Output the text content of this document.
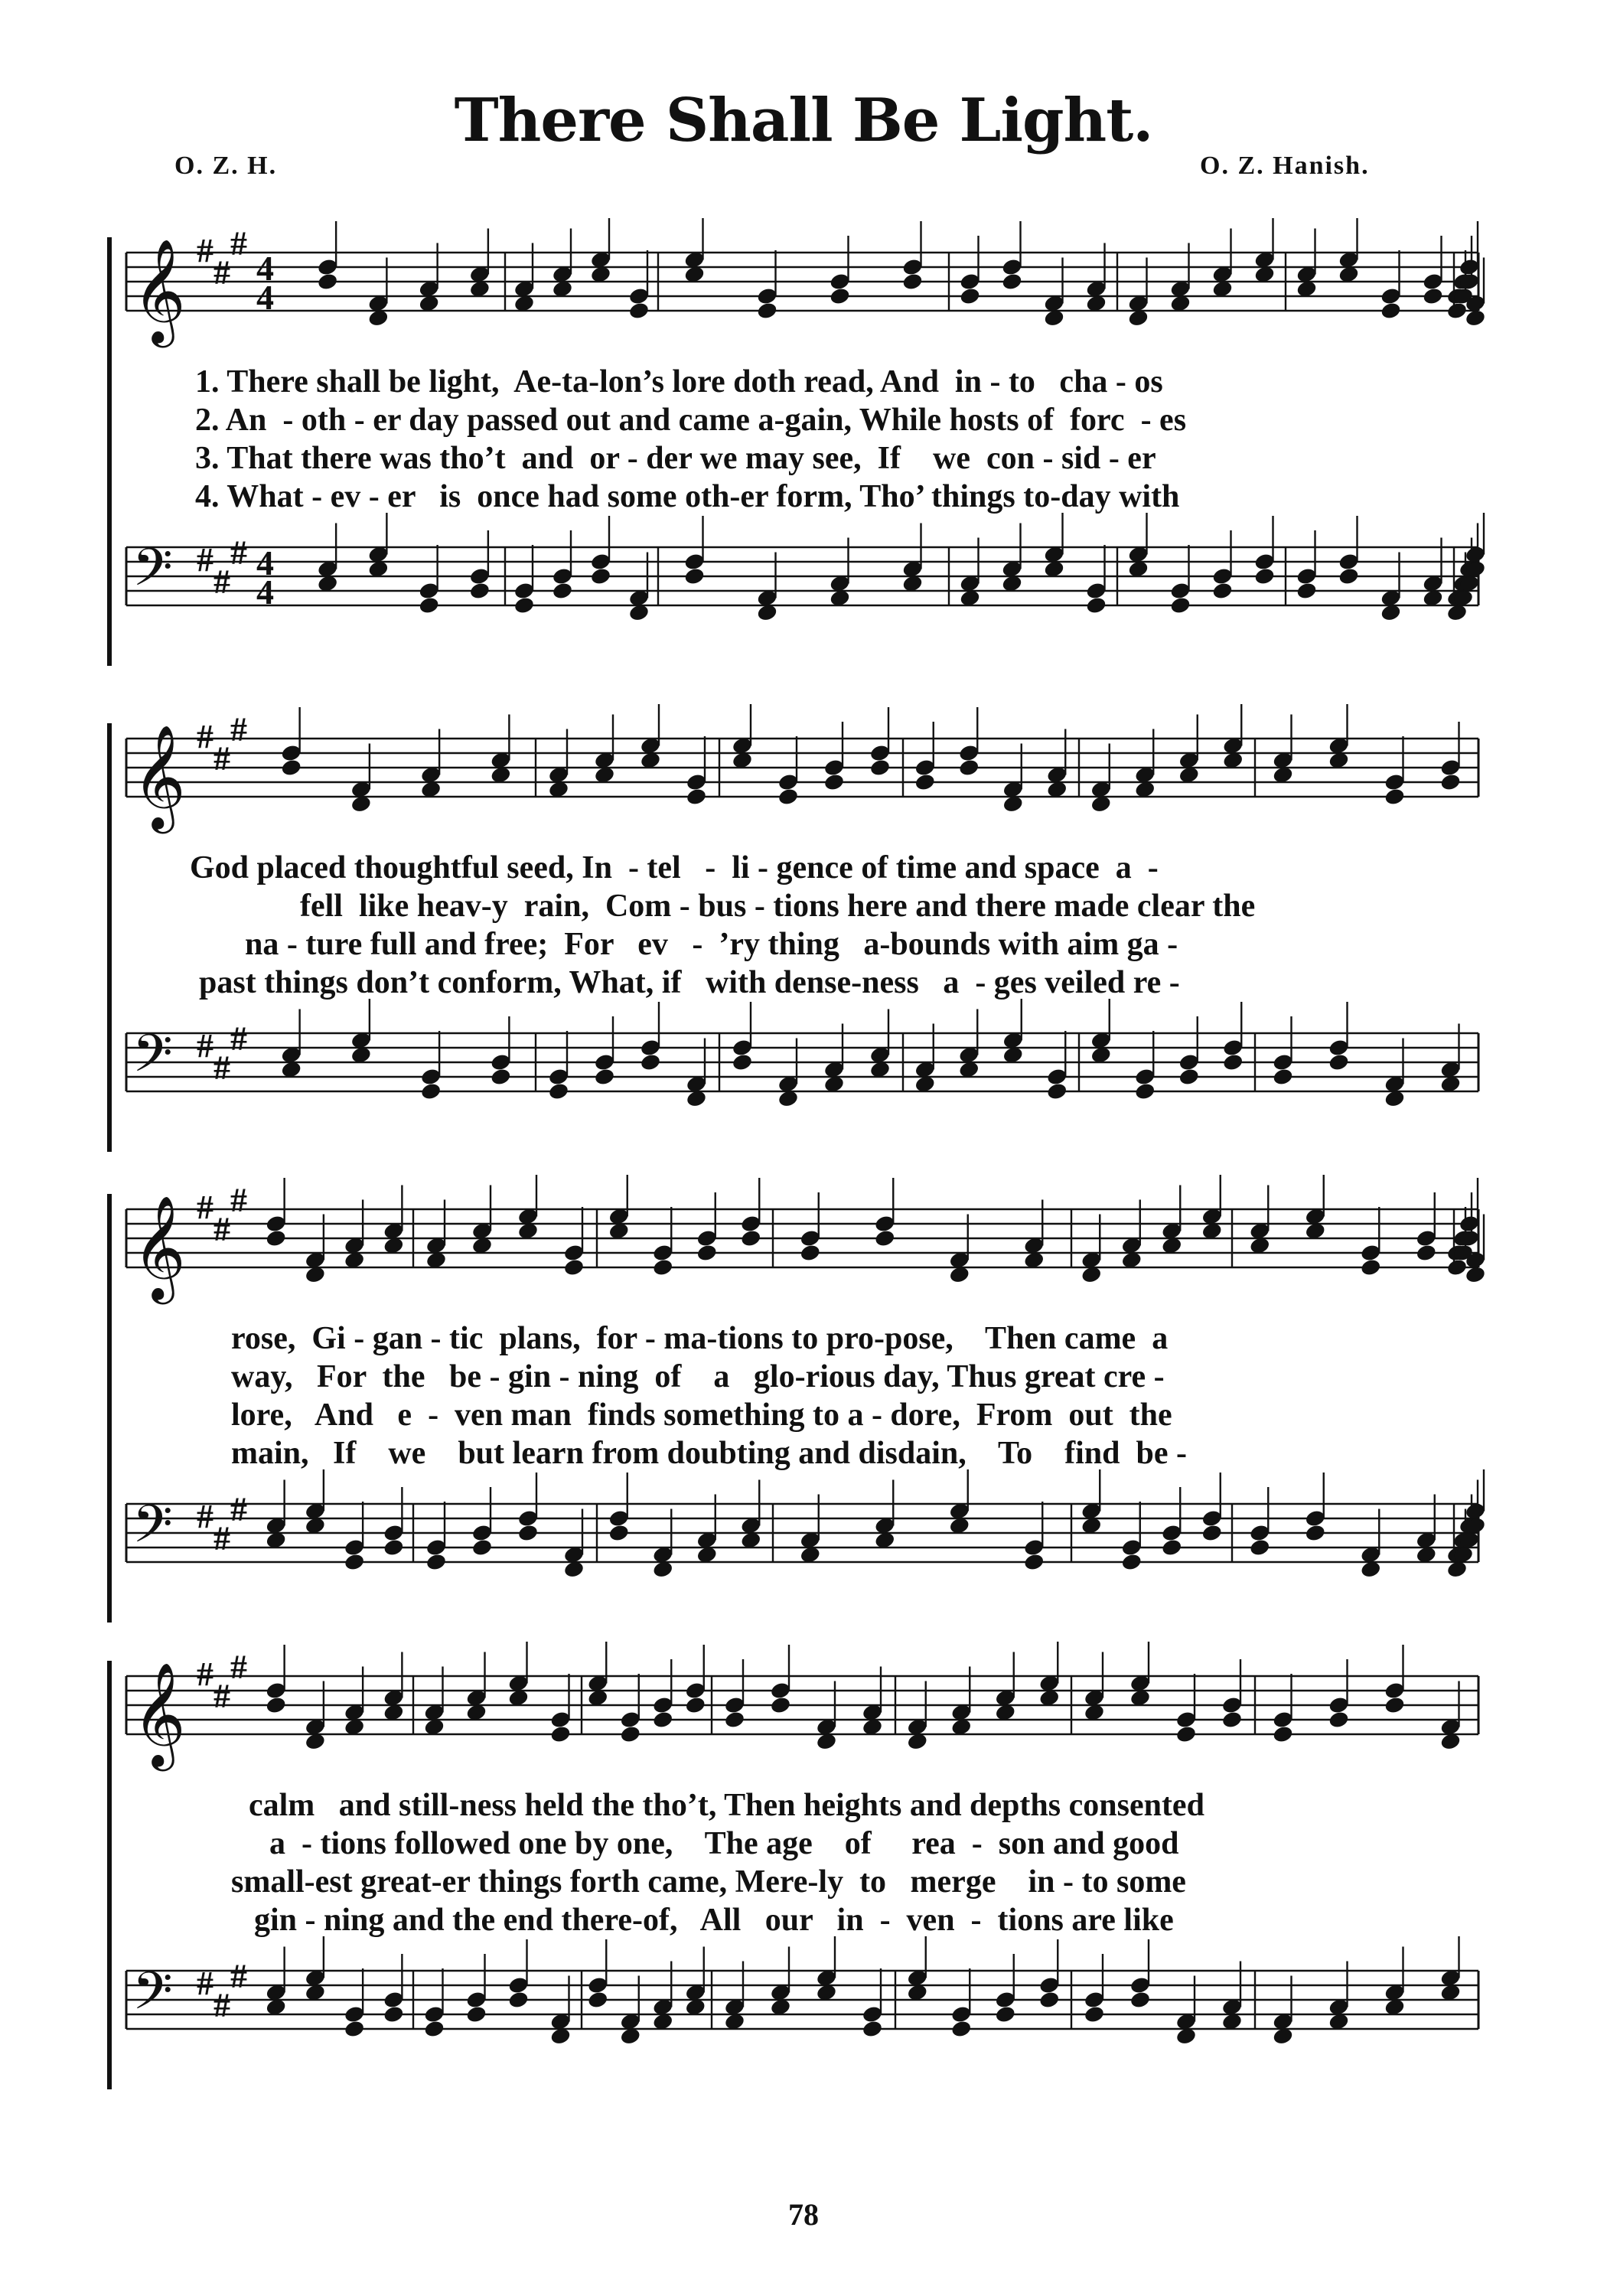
There Shall Be Light.
O. Z. H.	O. Z. Hanish.
𝄞 #
#
#
4
4
𝄢 #
#
# 4
4
1. There shall be light,  Ae-ta-lon’s lore doth read, And  in - to   cha - os
2. An  - oth - er day passed out and came a-gain, While hosts of  forc  - es
3. That there was tho’t  and  or - der we may see,  If    we  con - sid - er
4. What - ev - er   is  once had some oth-er form, Tho’ things to-day with
𝄞 #
#
#
𝄢 #
#
#
God placed thoughtful seed, In  - tel   -  li - gence of time and space  a  -
fell  like heav-y  rain,  Com - bus - tions here and there made clear the
na - ture full and free;  For   ev   -  ’ry thing   a-bounds with aim ga -
past things don’t conform, What, if   with dense-ness   a  - ges veiled re -
𝄞 #
#
#
𝄢 #
#
#
rose,  Gi - gan - tic  plans,  for - ma-tions to pro-pose,    Then came  a
way,   For  the   be - gin - ning  of    a   glo-rious day, Thus great cre -
lore,   And   e  -  ven man  finds something to a - dore,  From  out  the
main,   If    we    but learn from doubting and disdain,    To    find  be -
𝄞 #
#
#
𝄢 #
#
#
calm   and still-ness held the tho’t, Then heights and depths consented
a  - tions followed one by one,    The age    of     rea  -  son and good
small-est great-er things forth came, Mere-ly  to   merge    in - to some
gin - ning and the end there-of,   All   our   in  -  ven  -  tions are like
78
